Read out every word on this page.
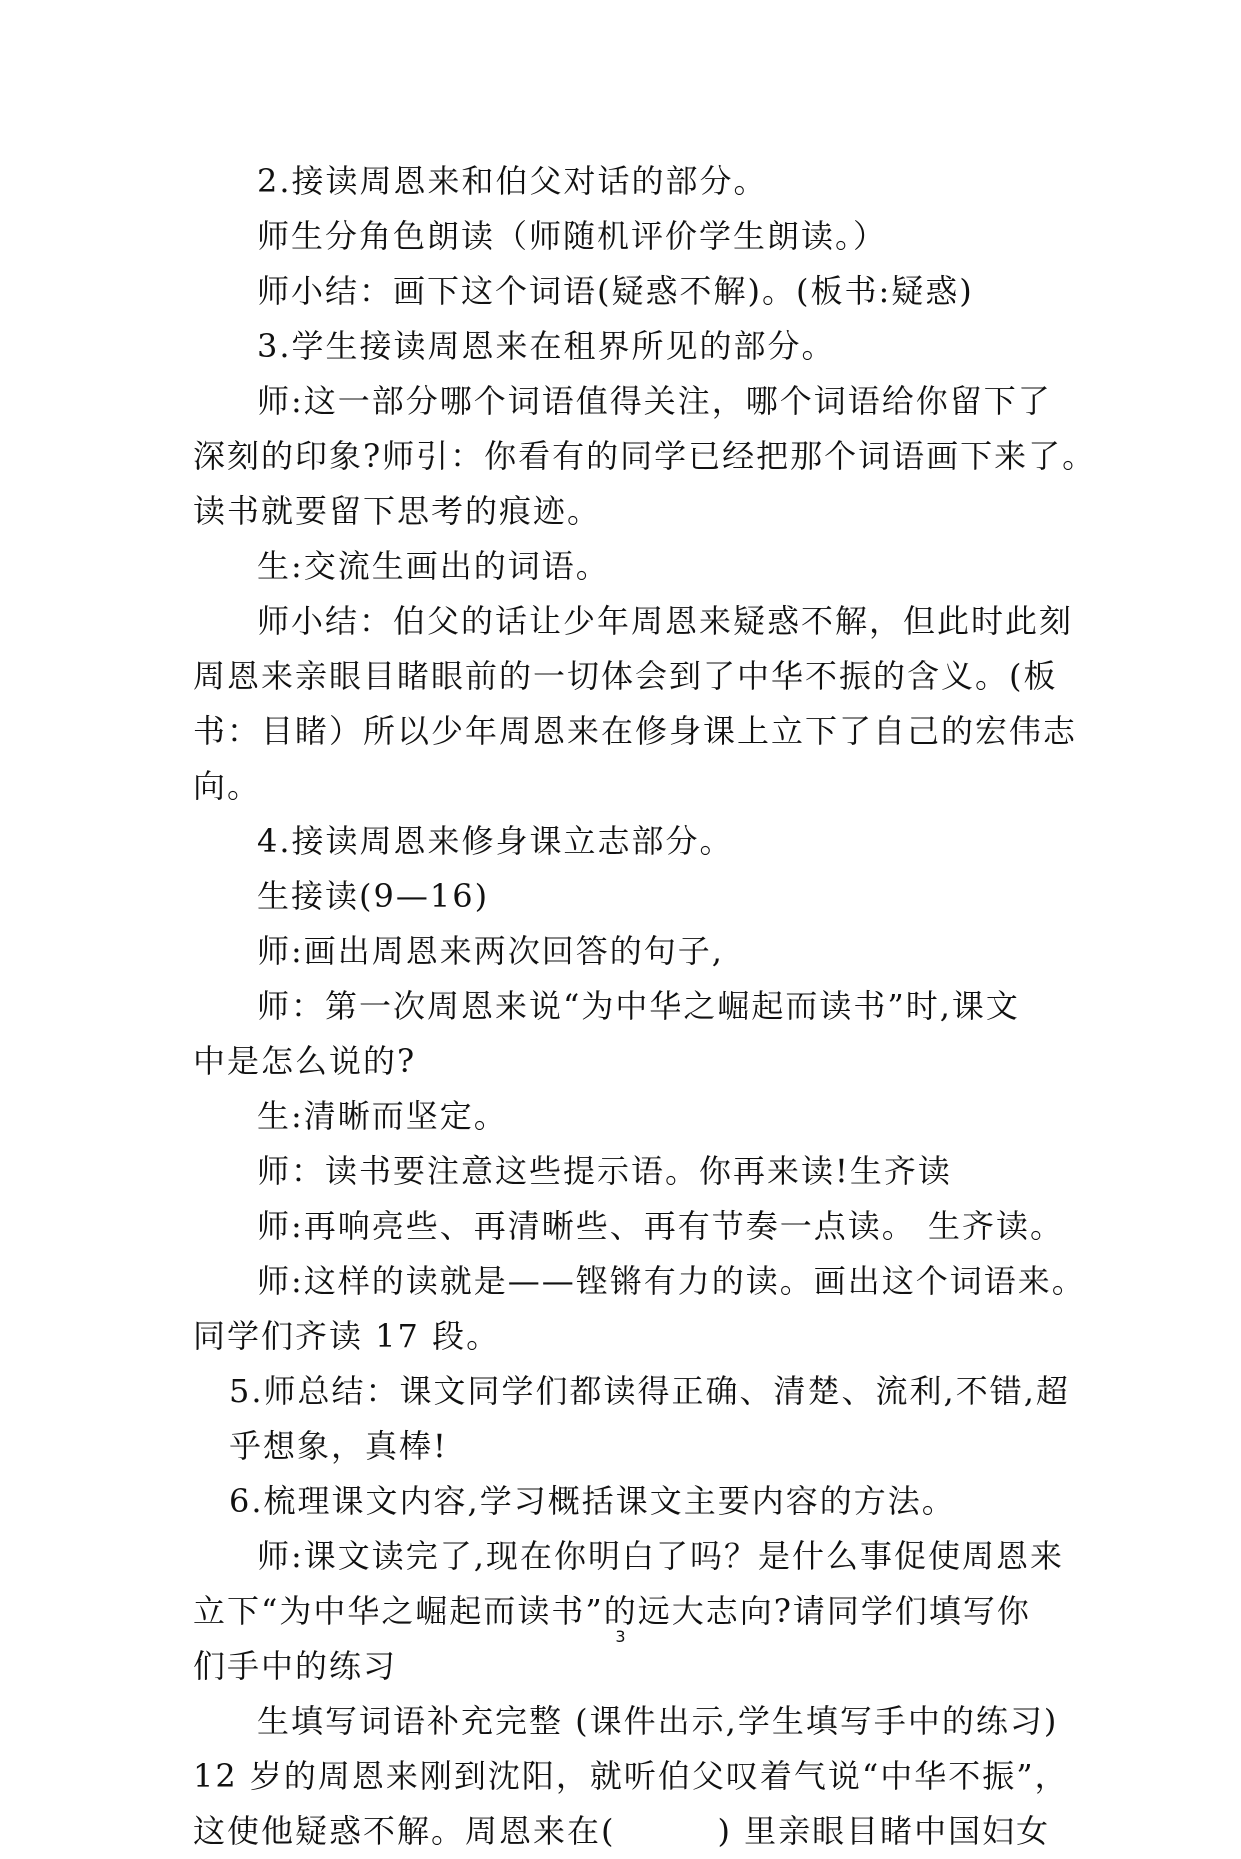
2.接读周恩来和伯父对话的部分。

师生分角色朗读（师随机评价学生朗读。）

师小结：画下这个词语(疑惑不解)。(板书:疑惑)

3.学生接读周恩来在租界所见的部分。

师:这一部分哪个词语值得关注，哪个词语给你留下了

深刻的印象?师引：你看有的同学已经把那个词语画下来了。

读书就要留下思考的痕迹。

生:交流生画出的词语。

师小结：伯父的话让少年周恩来疑惑不解，但此时此刻

周恩来亲眼目睹眼前的一切体会到了中华不振的含义。(板

书：目睹）所以少年周恩来在修身课上立下了自己的宏伟志

向。

4.接读周恩来修身课立志部分。

生接读(9—16)

师:画出周恩来两次回答的句子,

师：第一次周恩来说“为中华之崛起而读书”时,课文

中是怎么说的?

生:清晰而坚定。

师：读书要注意这些提示语。你再来读!生齐读

师:再响亮些、再清晰些、再有节奏一点读。 生齐读。

师:这样的读就是——铿锵有力的读。画出这个词语来。

同学们齐读 17 段。

5.师总结：课文同学们都读得正确、清楚、流利,不错,超

乎想象，真棒!

6.梳理课文内容,学习概括课文主要内容的方法。

师:课文读完了,现在你明白了吗？是什么事促使周恩来

立下“为中华之崛起而读书”的远大志向?请同学们填写你

们手中的练习

生填写词语补充完整 (课件出示,学生填写手中的练习)

12 岁的周恩来刚到沈阳，就听伯父叹着气说“中华不振”，

这使他疑惑不解。周恩来在(　　　) 里亲眼目睹中国妇女

3
